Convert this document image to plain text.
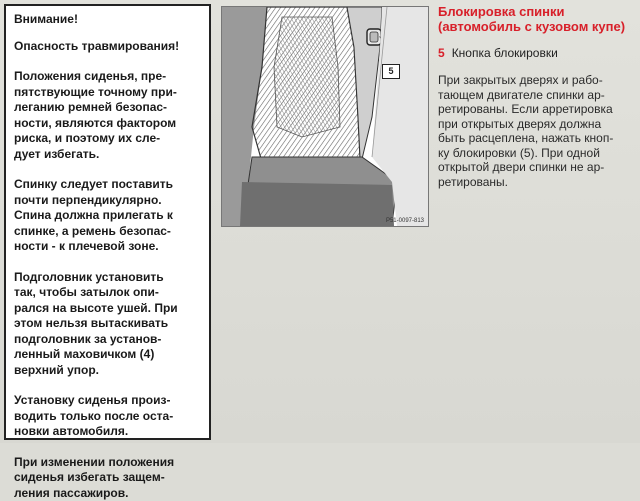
Внимание!

Опасность травмирования!

Положения сиденья, пре-
пятствующие точному при-
леганию ремней безопас-
ности, являются фактором
риска, и поэтому их сле-
дует избегать.

Спинку следует поставить
почти перпендикулярно.
Спина должна прилегать к
спинке, а ремень безопас-
ности - к плечевой зоне.

Подголовник установить
так, чтобы затылок опи-
рался на высоте ушей. При
этом нельзя вытаскивать
подголовник за установ-
ленный маховичком (4)
верхний упор.

Установку сиденья произ-
водить только после оста-
новки автомобиля.

При изменении положения
сиденья избегать защем-
ления пассажиров.

P51-0097-813
5

Блокировка спинки
(автомобиль с кузовом купе)

5 Кнопка блокировки

При закрытых дверях и рабо-
тающем двигателе спинки ар-
ретированы. Если арретировка
при открытых дверях должна
быть расцеплена, нажать кноп-
ку блокировки (5). При одной
открытой двери спинки не ар-
ретированы.
